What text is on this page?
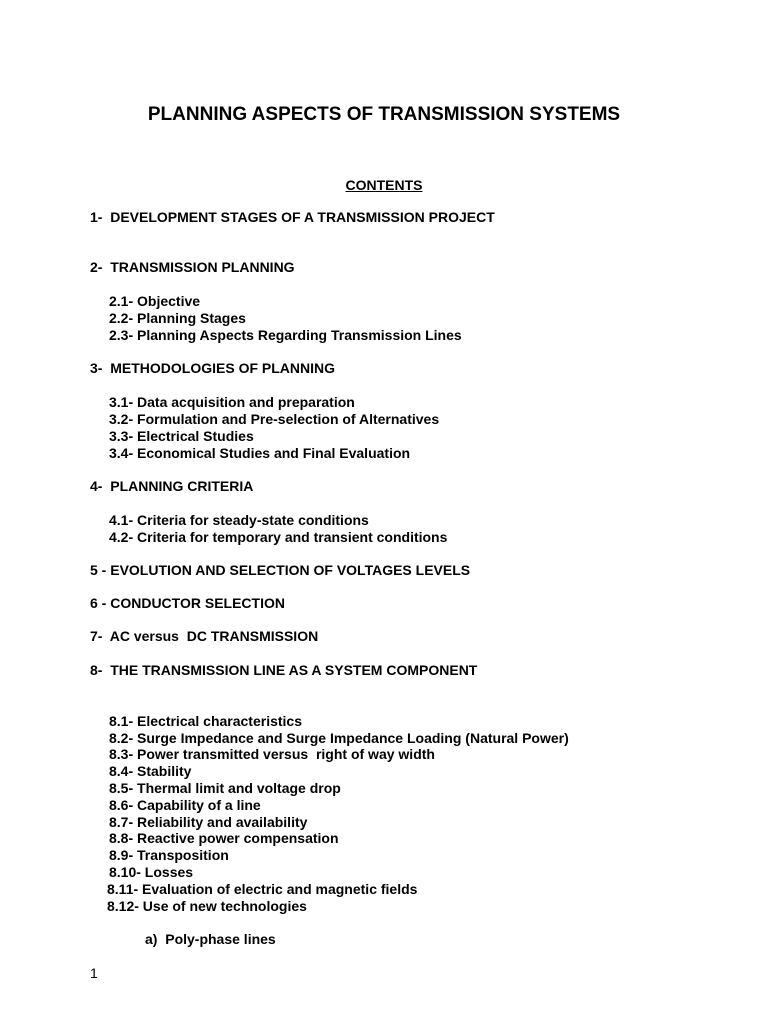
PLANNING ASPECTS OF TRANSMISSION SYSTEMS
CONTENTS
1-  DEVELOPMENT STAGES OF A TRANSMISSION PROJECT
2-  TRANSMISSION PLANNING
2.1- Objective
2.2- Planning Stages
2.3- Planning Aspects Regarding Transmission Lines
3-  METHODOLOGIES OF PLANNING
3.1- Data acquisition and preparation
3.2- Formulation and Pre-selection of Alternatives
3.3- Electrical Studies
3.4- Economical Studies and Final Evaluation
4-  PLANNING CRITERIA
4.1- Criteria for steady-state conditions
4.2- Criteria for temporary and transient conditions
5 - EVOLUTION AND SELECTION OF VOLTAGES LEVELS
6 - CONDUCTOR SELECTION
7-  AC versus  DC TRANSMISSION
8-  THE TRANSMISSION LINE AS A SYSTEM COMPONENT
8.1- Electrical characteristics
8.2- Surge Impedance and Surge Impedance Loading (Natural Power)
8.3- Power transmitted versus  right of way width
8.4- Stability
8.5- Thermal limit and voltage drop
8.6- Capability of a line
8.7- Reliability and availability
8.8- Reactive power compensation
8.9- Transposition
8.10- Losses
8.11- Evaluation of electric and magnetic fields
8.12- Use of new technologies
a)  Poly-phase lines
1
